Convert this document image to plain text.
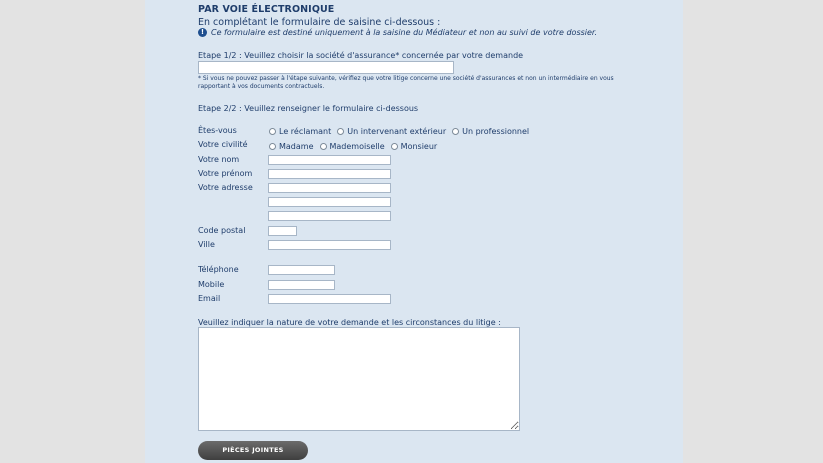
PAR VOIE ÉLECTRONIQUE
En complétant le formulaire de saisine ci-dessous :
! Ce formulaire est destiné uniquement à la saisine du Médiateur et non au suivi de votre dossier.
Etape 1/2 : Veuillez choisir la société d'assurance* concernée par votre demande
* Si vous ne pouvez passer à l'étape suivante, vérifiez que votre litige concerne une société d'assurances et non un intermédiaire en vous rapportant à vos documents contractuels.
Etape 2/2 : Veuillez renseigner le formulaire ci-dessous
Êtes-vous	Le réclamant Un intervenant extérieur Un professionnel
Votre civilité	Madame Mademoiselle Monsieur
Votre nom
Votre prénom
Votre adresse
Code postal
Ville
Téléphone
Mobile
Email
Veuillez indiquer la nature de votre demande et les circonstances du litige :
PIÈCES JOINTES
